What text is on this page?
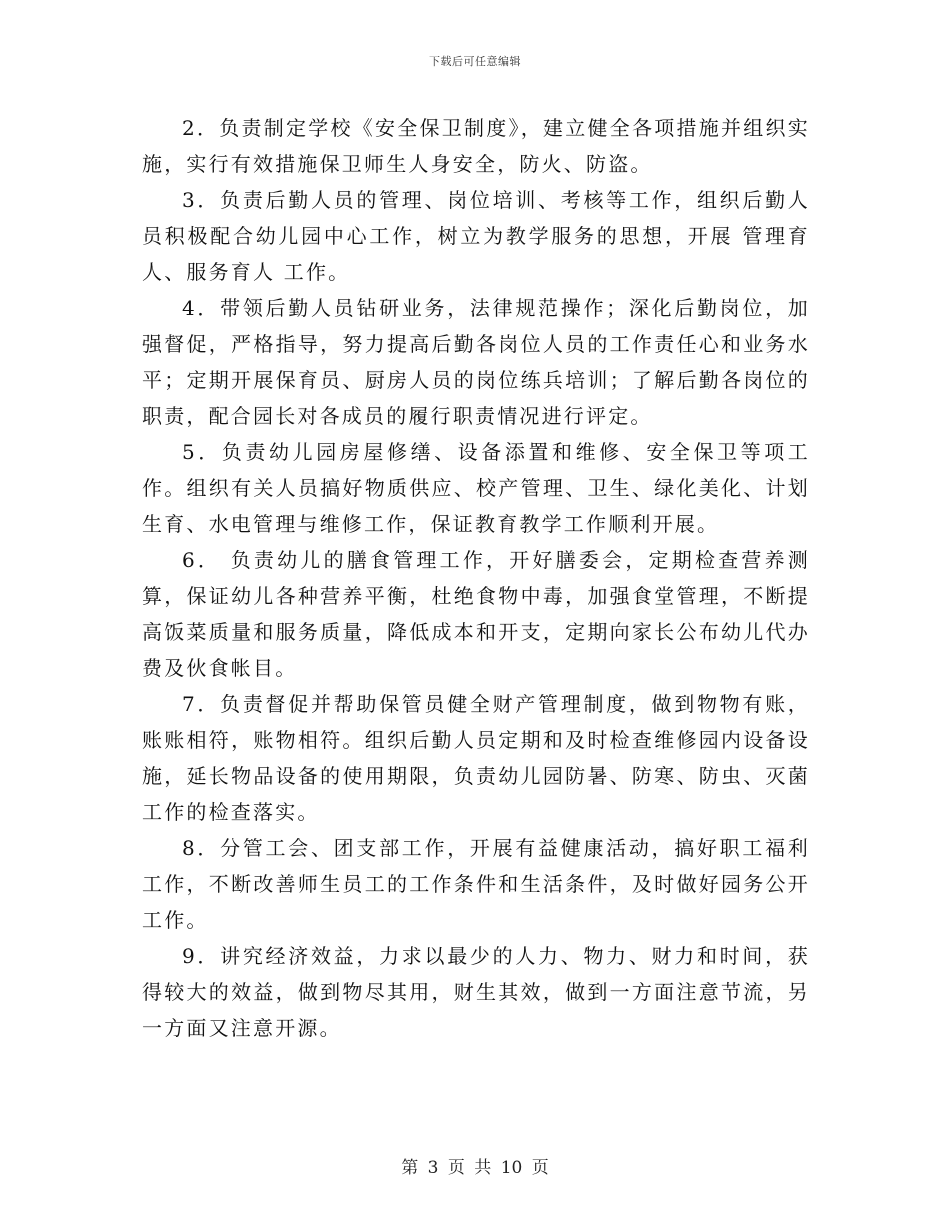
下载后可任意编辑

2．负责制定学校《安全保卫制度》，建立健全各项措施并组织实施，实行有效措施保卫师生人身安全，防火、防盗。

3．负责后勤人员的管理、岗位培训、考核等工作，组织后勤人员积极配合幼儿园中心工作，树立为教学服务的思想，开展 管理育人、服务育人 工作。

4．带领后勤人员钻研业务，法律规范操作；深化后勤岗位，加强督促，严格指导，努力提高后勤各岗位人员的工作责任心和业务水平；定期开展保育员、厨房人员的岗位练兵培训；了解后勤各岗位的职责，配合园长对各成员的履行职责情况进行评定。

5．负责幼儿园房屋修缮、设备添置和维修、安全保卫等项工作。组织有关人员搞好物质供应、校产管理、卫生、绿化美化、计划生育、水电管理与维修工作，保证教育教学工作顺利开展。

6． 负责幼儿的膳食管理工作，开好膳委会，定期检查营养测算，保证幼儿各种营养平衡，杜绝食物中毒，加强食堂管理，不断提高饭菜质量和服务质量，降低成本和开支，定期向家长公布幼儿代办费及伙食帐目。

7．负责督促并帮助保管员健全财产管理制度，做到物物有账，账账相符，账物相符。组织后勤人员定期和及时检查维修园内设备设施，延长物品设备的使用期限，负责幼儿园防暑、防寒、防虫、灭菌工作的检查落实。

8．分管工会、团支部工作，开展有益健康活动，搞好职工福利工作，不断改善师生员工的工作条件和生活条件，及时做好园务公开工作。

9．讲究经济效益，力求以最少的人力、物力、财力和时间，获得较大的效益，做到物尽其用，财生其效，做到一方面注意节流，另一方面又注意开源。

第 3 页 共 10 页
